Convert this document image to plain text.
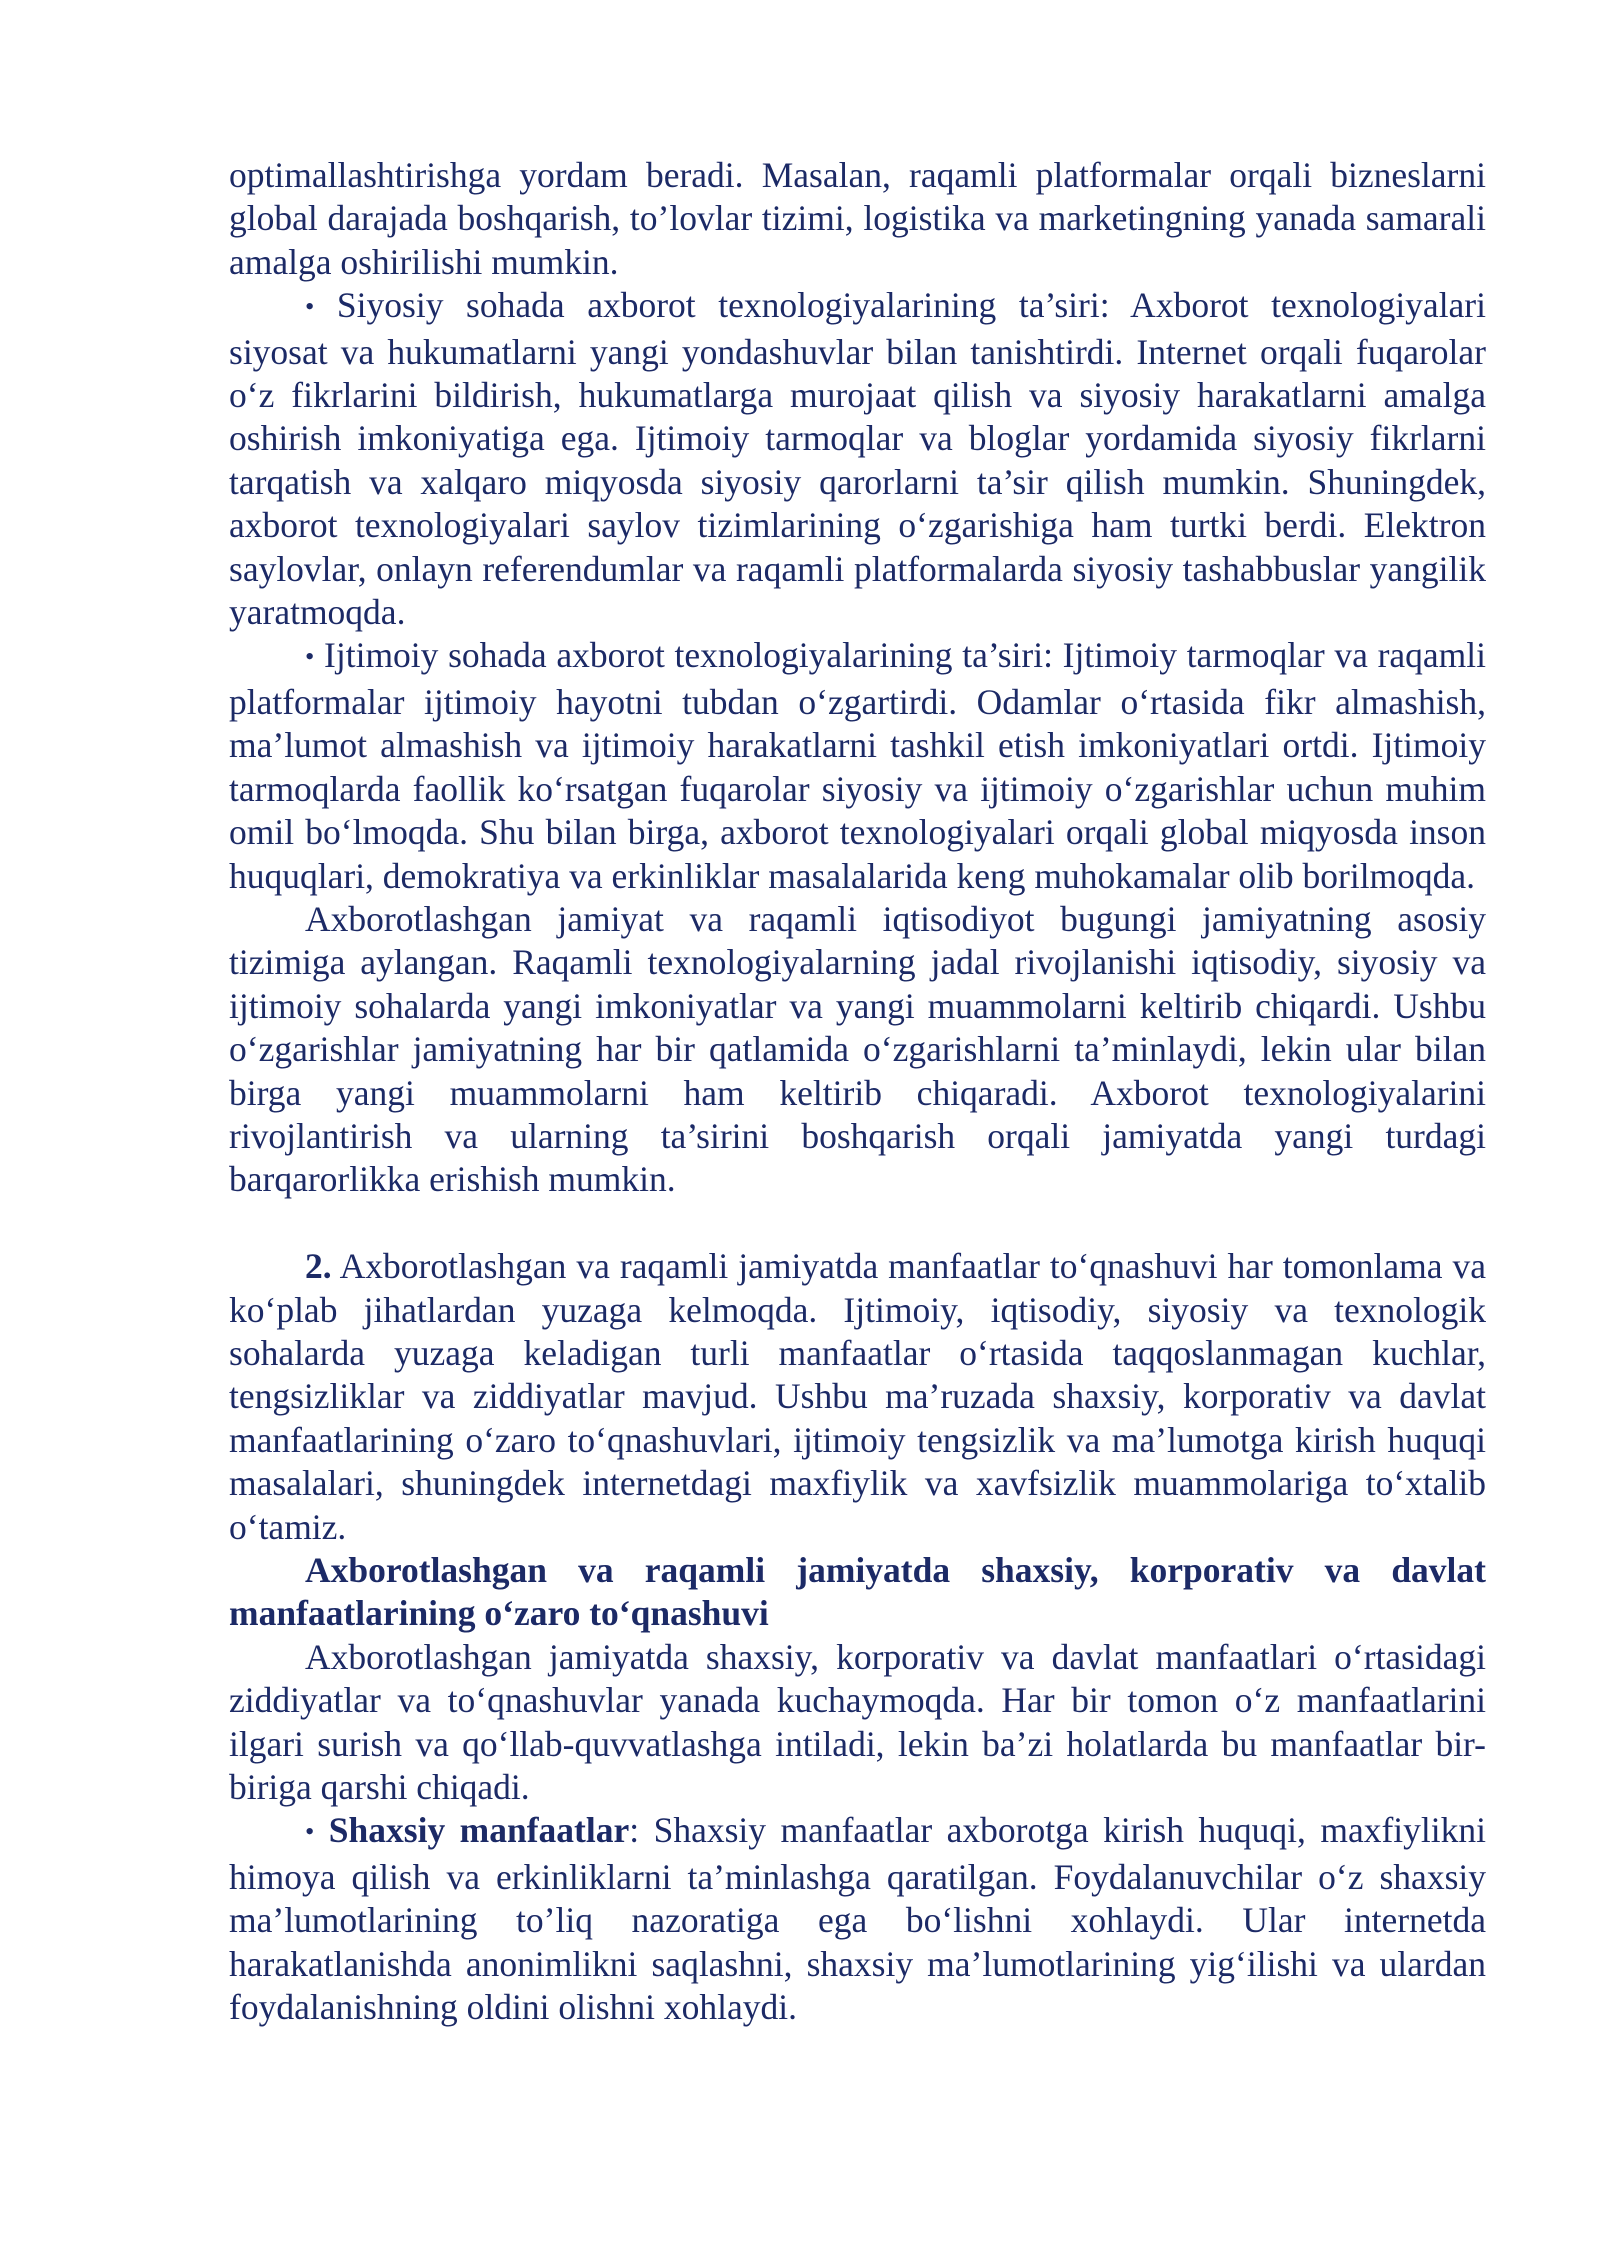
optimallashtirishga yordam beradi. Masalan, raqamli platformalar orqali bizneslarni global darajada boshqarish, to’lovlar tizimi, logistika va marketingning yanada samarali amalga oshirilishi mumkin.

• Siyosiy sohada axborot texnologiyalarining ta’siri: Axborot texnologiyalari siyosat va hukumatlarni yangi yondashuvlar bilan tanishtirdi. Internet orqali fuqarolar o‘z fikrlarini bildirish, hukumatlarga murojaat qilish va siyosiy harakatlarni amalga oshirish imkoniyatiga ega. Ijtimoiy tarmoqlar va bloglar yordamida siyosiy fikrlarni tarqatish va xalqaro miqyosda siyosiy qarorlarni ta’sir qilish mumkin. Shuningdek, axborot texnologiyalari saylov tizimlarining o‘zgarishiga ham turtki berdi. Elektron saylovlar, onlayn referendumlar va raqamli platformalarda siyosiy tashabbuslar yangilik yaratmoqda.

• Ijtimoiy sohada axborot texnologiyalarining ta’siri: Ijtimoiy tarmoqlar va raqamli platformalar ijtimoiy hayotni tubdan o‘zgartirdi. Odamlar o‘rtasida fikr almashish, ma’lumot almashish va ijtimoiy harakatlarni tashkil etish imkoniyatlari ortdi. Ijtimoiy tarmoqlarda faollik ko‘rsatgan fuqarolar siyosiy va ijtimoiy o‘zgarishlar uchun muhim omil bo‘lmoqda. Shu bilan birga, axborot texnologiyalari orqali global miqyosda inson huquqlari, demokratiya va erkinliklar masalalarida keng muhokamalar olib borilmoqda.

Axborotlashgan jamiyat va raqamli iqtisodiyot bugungi jamiyatning asosiy tizimiga aylangan. Raqamli texnologiyalarning jadal rivojlanishi iqtisodiy, siyosiy va ijtimoiy sohalarda yangi imkoniyatlar va yangi muammolarni keltirib chiqardi. Ushbu o‘zgarishlar jamiyatning har bir qatlamida o‘zgarishlarni ta’minlaydi, lekin ular bilan birga yangi muammolarni ham keltirib chiqaradi. Axborot texnologiyalarini rivojlantirish va ularning ta’sirini boshqarish orqali jamiyatda yangi turdagi barqarorlikka erishish mumkin.

2. Axborotlashgan va raqamli jamiyatda manfaatlar to‘qnashuvi har tomonlama va ko‘plab jihatlardan yuzaga kelmoqda. Ijtimoiy, iqtisodiy, siyosiy va texnologik sohalarda yuzaga keladigan turli manfaatlar o‘rtasida taqqoslanmagan kuchlar, tengsizliklar va ziddiyatlar mavjud. Ushbu ma’ruzada shaxsiy, korporativ va davlat manfaatlarining o‘zaro to‘qnashuvlari, ijtimoiy tengsizlik va ma’lumotga kirish huquqi masalalari, shuningdek internetdagi maxfiylik va xavfsizlik muammolariga to‘xtalib o‘tamiz.

Axborotlashgan va raqamli jamiyatda shaxsiy, korporativ va davlat manfaatlarining o‘zaro to‘qnashuvi

Axborotlashgan jamiyatda shaxsiy, korporativ va davlat manfaatlari o‘rtasidagi ziddiyatlar va to‘qnashuvlar yanada kuchaymoqda. Har bir tomon o‘z manfaatlarini ilgari surish va qo‘llab-quvvatlashga intiladi, lekin ba’zi holatlarda bu manfaatlar bir-biriga qarshi chiqadi.

• Shaxsiy manfaatlar: Shaxsiy manfaatlar axborotga kirish huquqi, maxfiylikni himoya qilish va erkinliklarni ta’minlashga qaratilgan. Foydalanuvchilar o‘z shaxsiy ma’lumotlarining to’liq nazoratiga ega bo‘lishni xohlaydi. Ular internetda harakatlanishda anonimlikni saqlashni, shaxsiy ma’lumotlarining yig‘ilishi va ulardan foydalanishning oldini olishni xohlaydi.
